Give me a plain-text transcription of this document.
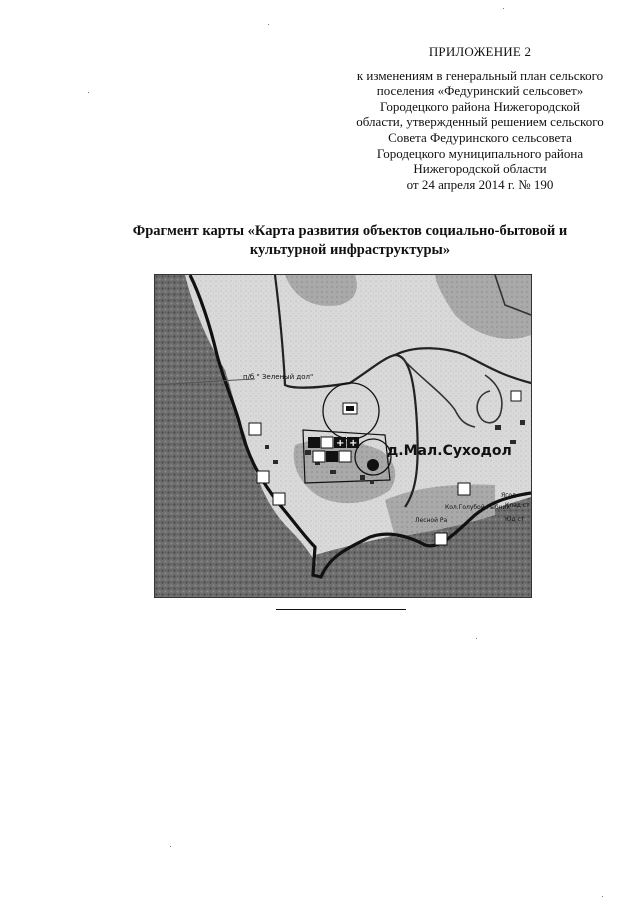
ПРИЛОЖЕНИЕ 2
к изменениям в генеральный план сельского
поселения «Федуринский сельсовет»
Городецкого района Нижегородской
области, утвержденный решением сельского
Совета Федуринского сельсовета
Городецкого муниципального района
Нижегородской области
от 24 апреля 2014 г. № 190
Фрагмент карты «Карта развития объектов социально-бытовой и
культурной инфраструктуры»
+ + д.Мал.Суходол
п/б " Зеленый дол"
Кол.Голубой Рыбник
Ягод
Клад ст
Юд ст
Лесной Ра
